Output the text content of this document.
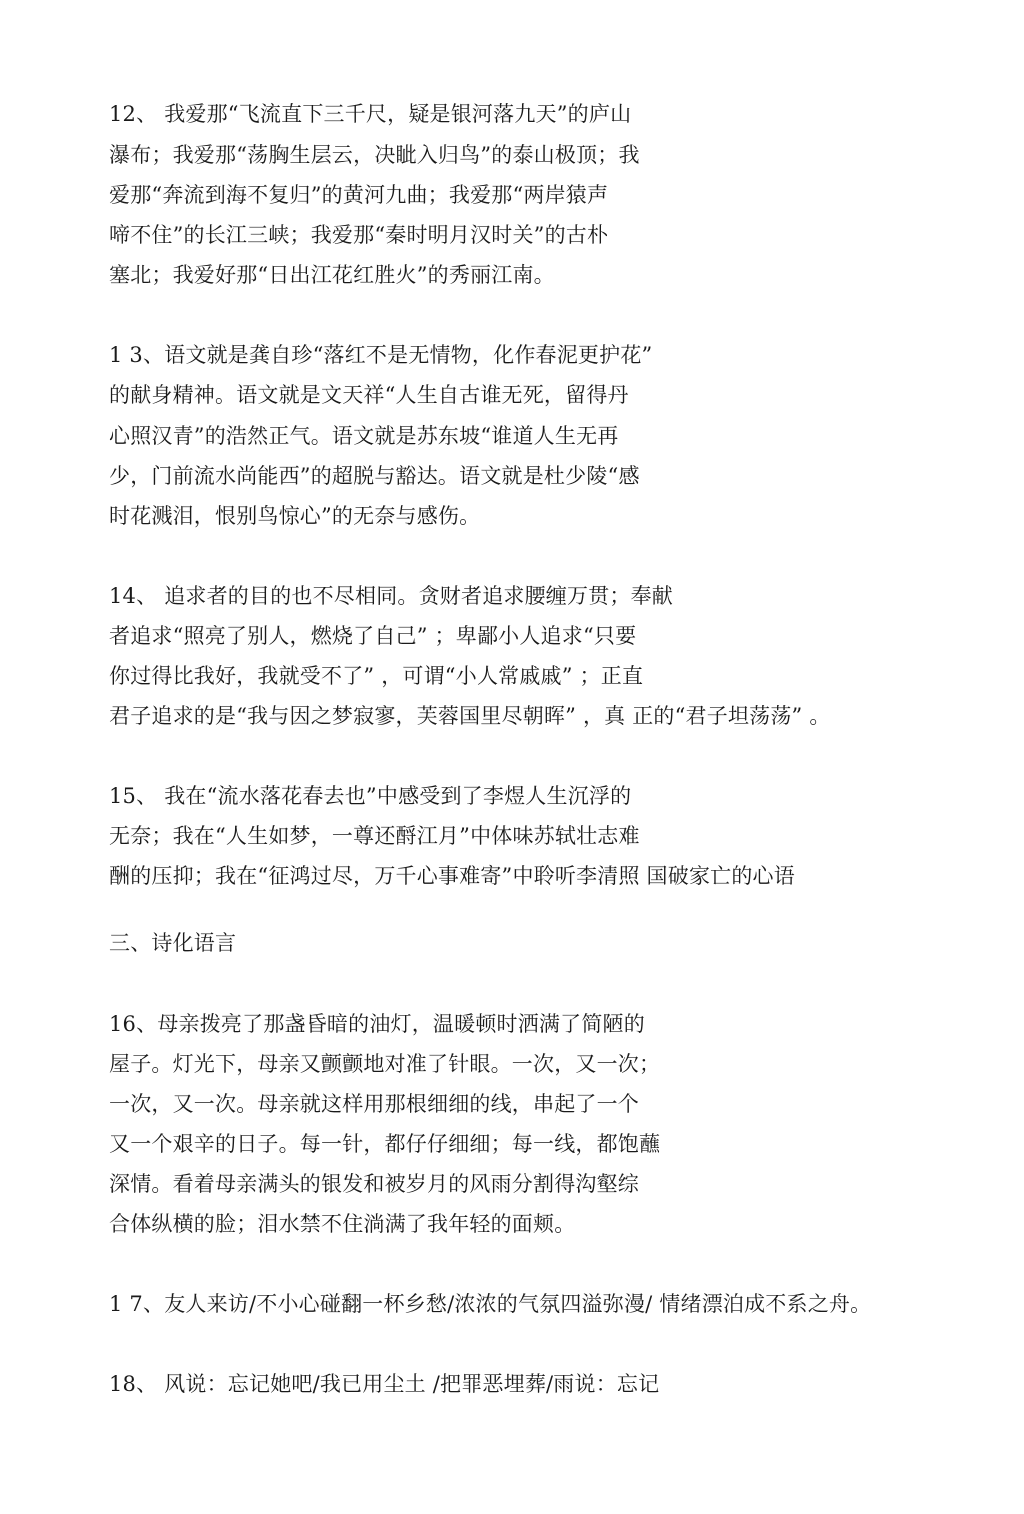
12、 我爱那“飞流直下三千尺，疑是银河落九天”的庐山
瀑布；我爱那“荡胸生层云，决眦入归鸟”的泰山极顶；我
爱那“奔流到海不复归”的黄河九曲；我爱那“两岸猿声
啼不住”的长江三峡；我爱那“秦时明月汉时关”的古朴
塞北；我爱好那“日出江花红胜火”的秀丽江南。
1 3、语文就是龚自珍“落红不是无情物，化作春泥更护花”
的献身精神。语文就是文天祥“人生自古谁无死，留得丹
心照汉青”的浩然正气。语文就是苏东坡“谁道人生无再
少，门前流水尚能西”的超脱与豁达。语文就是杜少陵“感
时花溅泪，恨别鸟惊心”的无奈与感伤。
14、 追求者的目的也不尽相同。贪财者追求腰缠万贯；奉献
者追求“照亮了别人，燃烧了自己” ；卑鄙小人追求“只要
你过得比我好，我就受不了” ，可谓“小人常戚戚” ；正直
君子追求的是“我与因之梦寂寥，芙蓉国里尽朝晖” ，真 正的“君子坦荡荡” 。
15、 我在“流水落花春去也”中感受到了李煜人生沉浮的
无奈；我在“人生如梦，一尊还酹江月”中体味苏轼壮志难
酬的压抑；我在“征鸿过尽，万千心事难寄”中聆听李清照 国破家亡的心语
三、诗化语言
16、母亲拨亮了那盏昏暗的油灯，温暖顿时洒满了简陋的
屋子。灯光下，母亲又颤颤地对准了针眼。一次，又一次；
一次，又一次。母亲就这样用那根细细的线，串起了一个
又一个艰辛的日子。每一针，都仔仔细细；每一线，都饱蘸
深情。看着母亲满头的银发和被岁月的风雨分割得沟壑综
合体纵横的脸；泪水禁不住淌满了我年轻的面颊。
1 7、友人来访/不小心碰翻一杯乡愁/浓浓的气氛四溢弥漫/ 情绪漂泊成不系之舟。
18、 风说：忘记她吧/我已用尘土 /把罪恶埋葬/雨说：忘记
